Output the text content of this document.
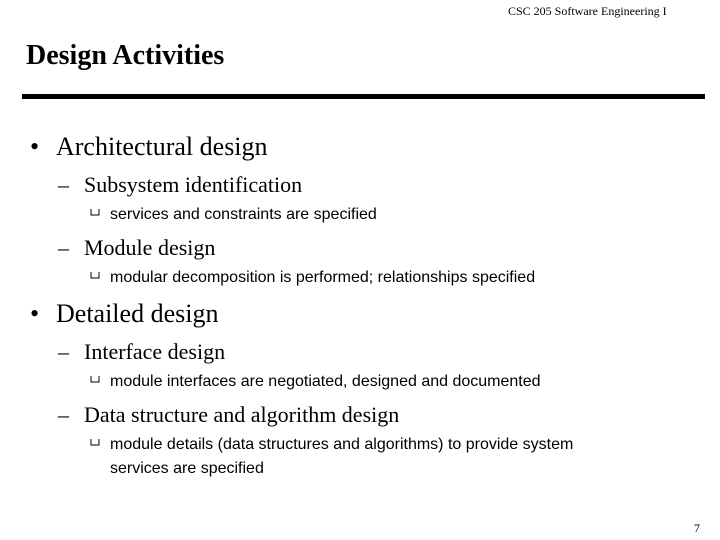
CSC 205 Software Engineering I
Design Activities
• Architectural design
– Subsystem identification
services and constraints are specified
– Module design
modular decomposition is performed; relationships specified
• Detailed design
– Interface design
module interfaces are negotiated, designed and documented
– Data structure and algorithm design
module details (data structures and algorithms) to provide system
services are specified
7
